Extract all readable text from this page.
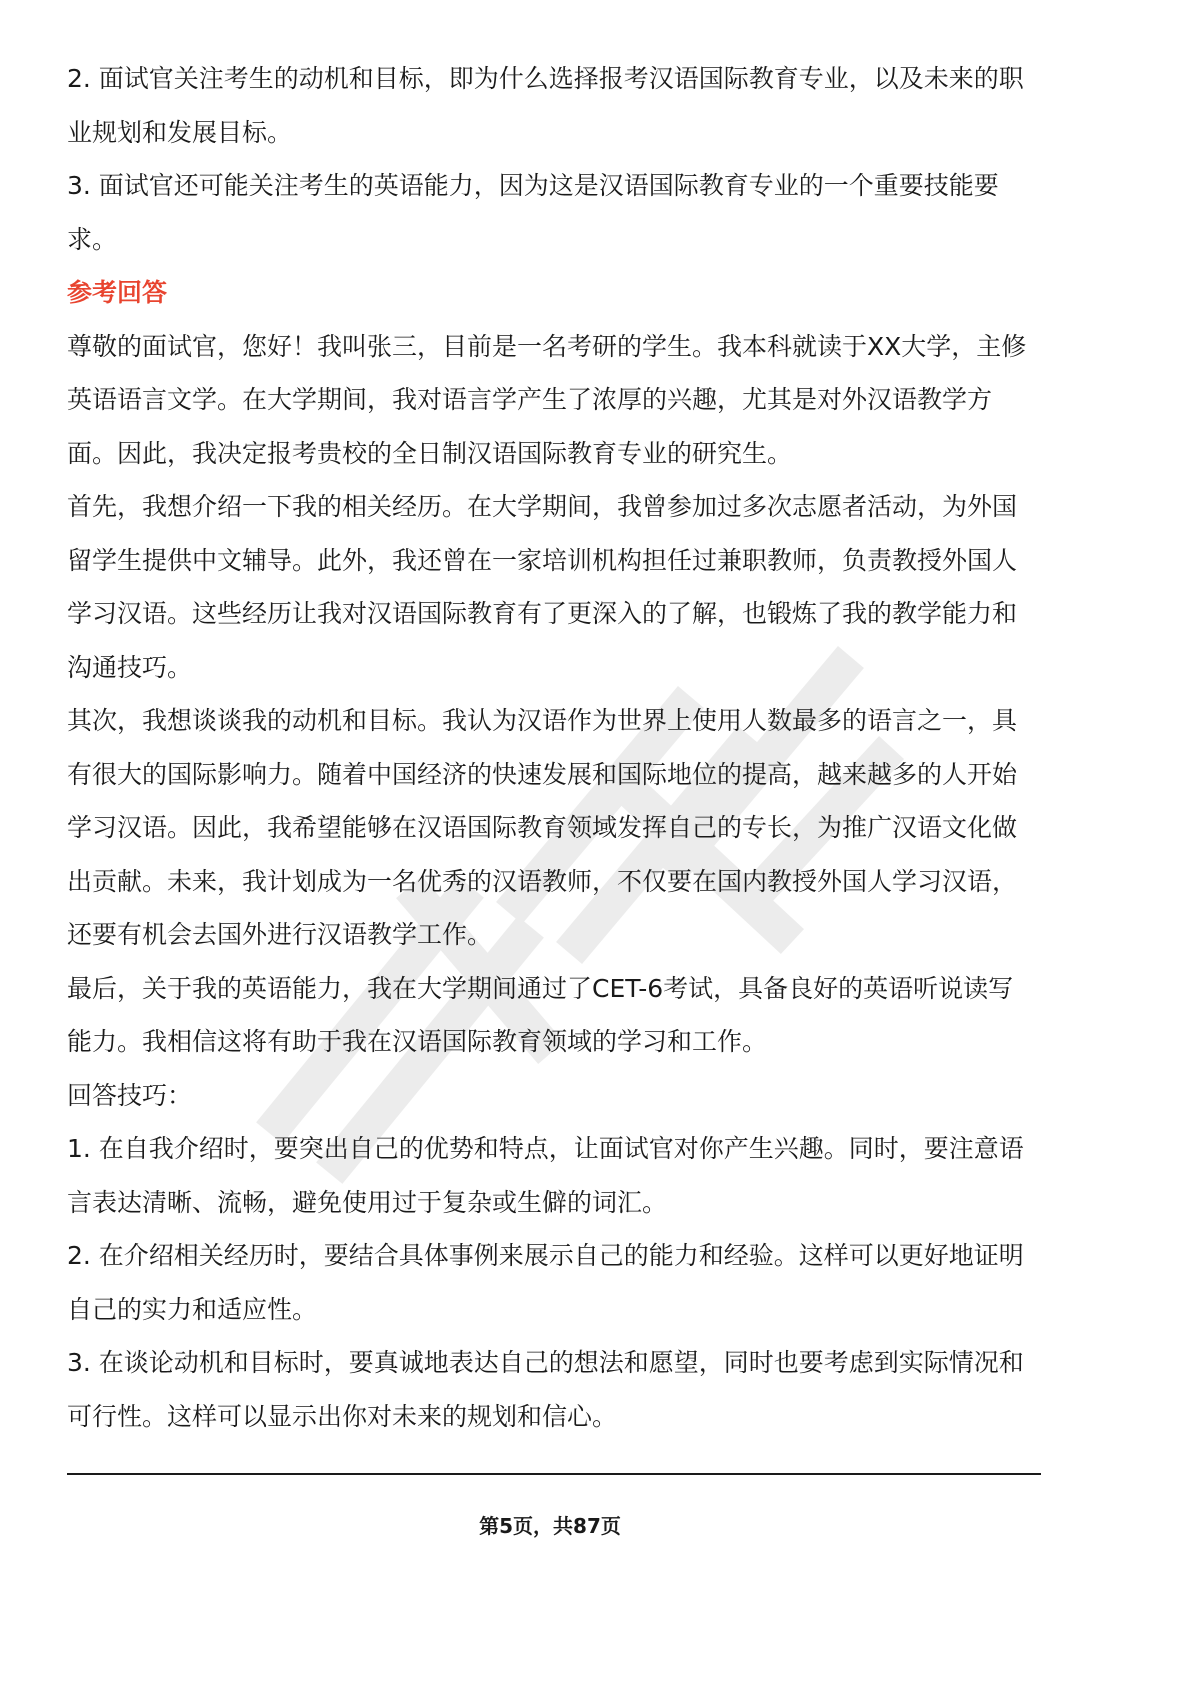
2. 面试官关注考生的动机和目标，即为什么选择报考汉语国际教育专业，以及未来的职业规划和发展目标。

3. 面试官还可能关注考生的英语能力，因为这是汉语国际教育专业的一个重要技能要求。

参考回答

尊敬的面试官，您好！我叫张三，目前是一名考研的学生。我本科就读于XX大学，主修英语语言文学。在大学期间，我对语言学产生了浓厚的兴趣，尤其是对外汉语教学方面。因此，我决定报考贵校的全日制汉语国际教育专业的研究生。

首先，我想介绍一下我的相关经历。在大学期间，我曾参加过多次志愿者活动，为外国留学生提供中文辅导。此外，我还曾在一家培训机构担任过兼职教师，负责教授外国人学习汉语。这些经历让我对汉语国际教育有了更深入的了解，也锻炼了我的教学能力和沟通技巧。

其次，我想谈谈我的动机和目标。我认为汉语作为世界上使用人数最多的语言之一，具有很大的国际影响力。随着中国经济的快速发展和国际地位的提高，越来越多的人开始学习汉语。因此，我希望能够在汉语国际教育领域发挥自己的专长，为推广汉语文化做出贡献。未来，我计划成为一名优秀的汉语教师，不仅要在国内教授外国人学习汉语，还要有机会去国外进行汉语教学工作。

最后，关于我的英语能力，我在大学期间通过了CET-6考试，具备良好的英语听说读写能力。我相信这将有助于我在汉语国际教育领域的学习和工作。

回答技巧：

1. 在自我介绍时，要突出自己的优势和特点，让面试官对你产生兴趣。同时，要注意语言表达清晰、流畅，避免使用过于复杂或生僻的词汇。

2. 在介绍相关经历时，要结合具体事例来展示自己的能力和经验。这样可以更好地证明自己的实力和适应性。

3. 在谈论动机和目标时，要真诚地表达自己的想法和愿望，同时也要考虑到实际情况和可行性。这样可以显示出你对未来的规划和信心。

第5页，共87页
